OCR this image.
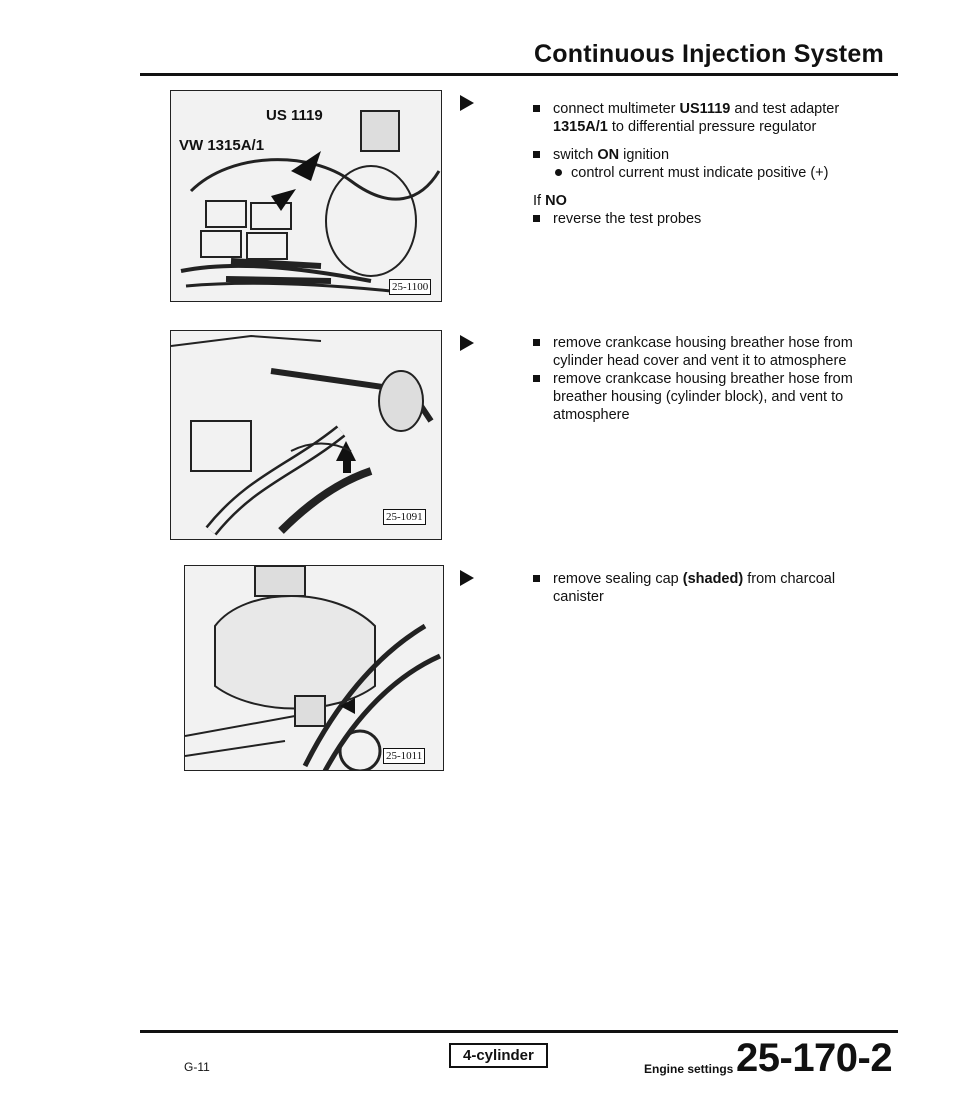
Continuous Injection System
US 1119
VW 1315A/1
25-1100
25-1091
25-1011
connect multimeter US1119 and test adapter 1315A/1 to differential pressure regulator
switch ON ignition
control current must indicate positive (+)
If NO
reverse the test probes
remove crankcase housing breather hose from cylinder head cover and vent it to atmosphere
remove crankcase housing breather hose from breather housing (cylinder block), and vent to atmosphere
remove sealing cap (shaded) from charcoal canister
G-11
4-cylinder
Engine settings 25-170-2
